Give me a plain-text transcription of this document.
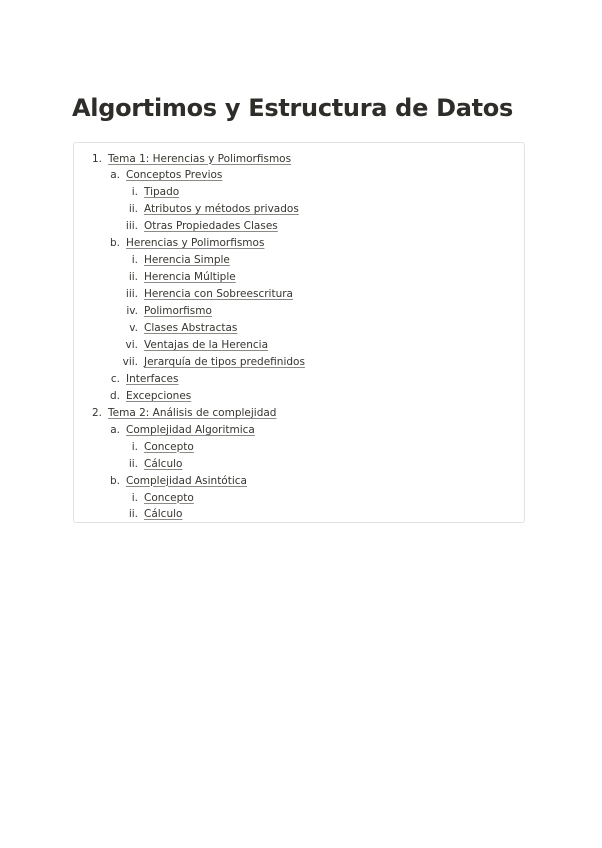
Algortimos y Estructura de Datos
1. Tema 1: Herencias y Polimorfismos
a. Conceptos Previos
i. Tipado
ii. Atributos y métodos privados
iii. Otras Propiedades Clases
b. Herencias y Polimorfismos
i. Herencia Simple
ii. Herencia Múltiple
iii. Herencia con Sobreescritura
iv. Polimorfismo
v. Clases Abstractas
vi. Ventajas de la Herencia
vii. Jerarquía de tipos predefinidos
c. Interfaces
d. Excepciones
2. Tema 2: Análisis de complejidad
a. Complejidad Algoritmica
i. Concepto
ii. Cálculo
b. Complejidad Asintótica
i. Concepto
ii. Cálculo
